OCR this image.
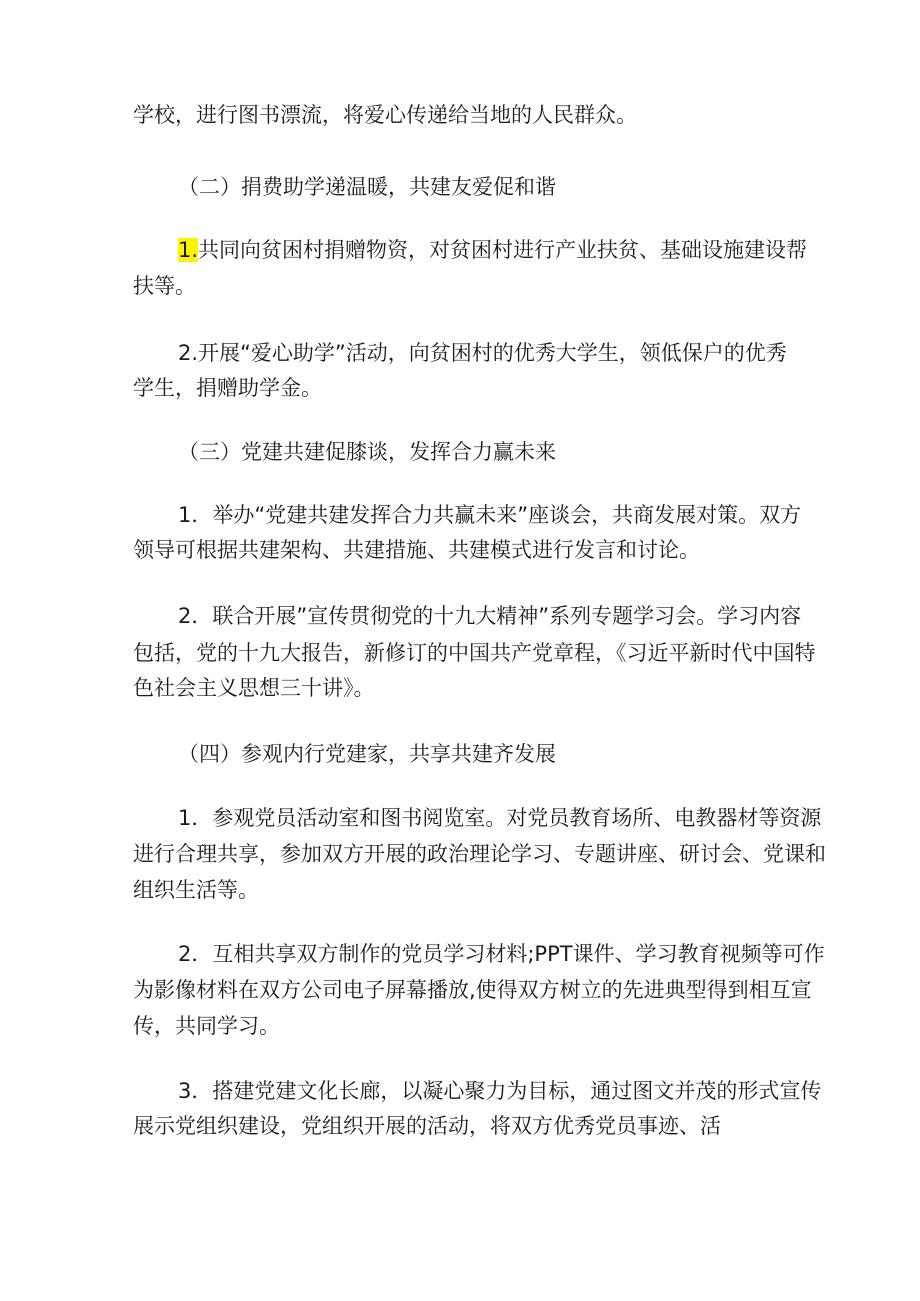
学校，进行图书漂流，将爱心传递给当地的人民群众。
（二）捐费助学递温暖，共建友爱促和谐
1.共同向贫困村捐赠物资，对贫困村进行产业扶贫、基础设施建设帮
扶等。
2.开展“爱心助学”活动，向贫困村的优秀大学生，领低保户的优秀
学生，捐赠助学金。
（三）党建共建促膝谈，发挥合力赢未来
1．举办“党建共建发挥合力共赢未来”座谈会，共商发展对策。双方
领导可根据共建架构、共建措施、共建模式进行发言和讨论。
2．联合开展”宣传贯彻党的十九大精神”系列专题学习会。学习内容
包括，党的十九大报告，新修订的中国共产党章程，《习近平新时代中国特
色社会主义思想三十讲》。
（四）参观内行党建家，共享共建齐发展
1．参观党员活动室和图书阅览室。对党员教育场所、电教器材等资源
进行合理共享，参加双方开展的政治理论学习、专题讲座、研讨会、党课和
组织生活等。
2．互相共享双方制作的党员学习材料;PPT课件、学习教育视频等可作
为影像材料在双方公司电子屏幕播放,使得双方树立的先进典型得到相互宣
传，共同学习。
3．搭建党建文化长廊，以凝心聚力为目标，通过图文并茂的形式宣传
展示党组织建设，党组织开展的活动，将双方优秀党员事迹、活
